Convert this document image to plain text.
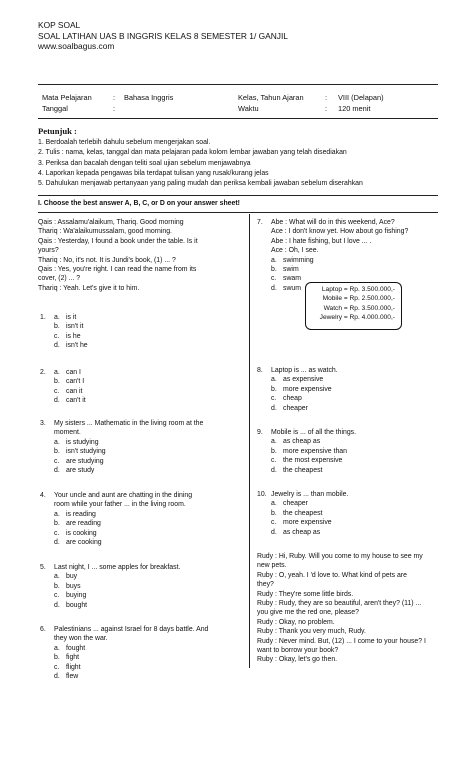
KOP SOAL
SOAL LATIHAN UAS B INGGRIS KELAS 8 SEMESTER 1/ GANJIL
www.soalbagus.com
Mata Pelajaran	: Bahasa Inggris
Tanggal	:
Kelas, Tahun Ajaran	: VIII (Delapan)
Waktu	: 120 menit
Petunjuk :
1. Berdoalah terlebih dahulu sebelum mengerjakan soal.
2. Tulis : nama, kelas, tanggal dan mata pelajaran pada kolom lembar jawaban yang telah disediakan
3. Periksa dan bacalah dengan teliti soal ujian sebelum menjawabnya
4. Laporkan kepada pengawas bila terdapat tulisan yang rusak/kurang jelas
5. Dahulukan menjawab pertanyaan yang paling mudah dan periksa kembali jawaban sebelum diserahkan
I. Choose the best answer A, B, C, or D on your answer sheet!
Qais : Assalamu'alaikum, Thariq. Good morning
Thariq : Wa'alaikumussalam, good morning.
Qais : Yesterday, I found a book under the table. Is it
yours?
Thariq : No, it's not. It is Jundi's book, (1) ... ?
Qais : Yes, you're right. I can read the name from its
cover, (2) ... ?
Thariq : Yeah. Let's give it to him.
1. a. is it
b. isn't it
c. is he
d. isn't he
2. a. can I
b. can't I
c. can it
d. can't it
3. My sisters ... Mathematic in the living room at the
moment.
a. is studying
b. isn't studying
c. are studying
d. are study
4. Your uncle and aunt are chatting in the dining
room while your father ... in the living room.
a. is reading
b. are reading
c. is cooking
d. are cooking
5. Last night, I ... some apples for breakfast.
a. buy
b. buys
c. buying
d. bought
6. Palestinians ... against Israel for 8 days battle. And
they won the war.
a. fought
b. fight
c. flight
d. flew
7. Abe : What will do in this weekend, Ace?
Ace : I don't know yet. How about go fishing?
Abe : I hate fishing, but I love ... .
Ace : Oh, I see.
a. swimming
b. swim
c. swam
d. swum	Laptop = Rp. 3.500.000,-
Mobile = Rp. 2.500.000,-
Watch = Rp. 3.500.000,-
Jewelry = Rp. 4.000.000,-
8. Laptop is ... as watch.
a. as expensive
b. more expensive
c. cheap
d. cheaper
9. Mobile is ... of all the things.
a. as cheap as
b. more expensive than
c. the most expensive
d. the cheapest
10. Jewelry is ... than mobile.
a. cheaper
b. the cheapest
c. more expensive
d. as cheap as
Rudy : Hi, Ruby. Will you come to my house to see my
new pets.
Ruby : O, yeah. I 'd love to. What kind of pets are
they?
Rudy : They're some little birds.
Ruby : Rudy, they are so beautiful, aren't they? (11) ...
you give me the red one, please?
Rudy : Okay, no problem.
Ruby : Thank you very much, Rudy.
Rudy : Never mind. But, (12) ... I come to your house? I
want to borrow your book?
Ruby : Okay, let's go then.
